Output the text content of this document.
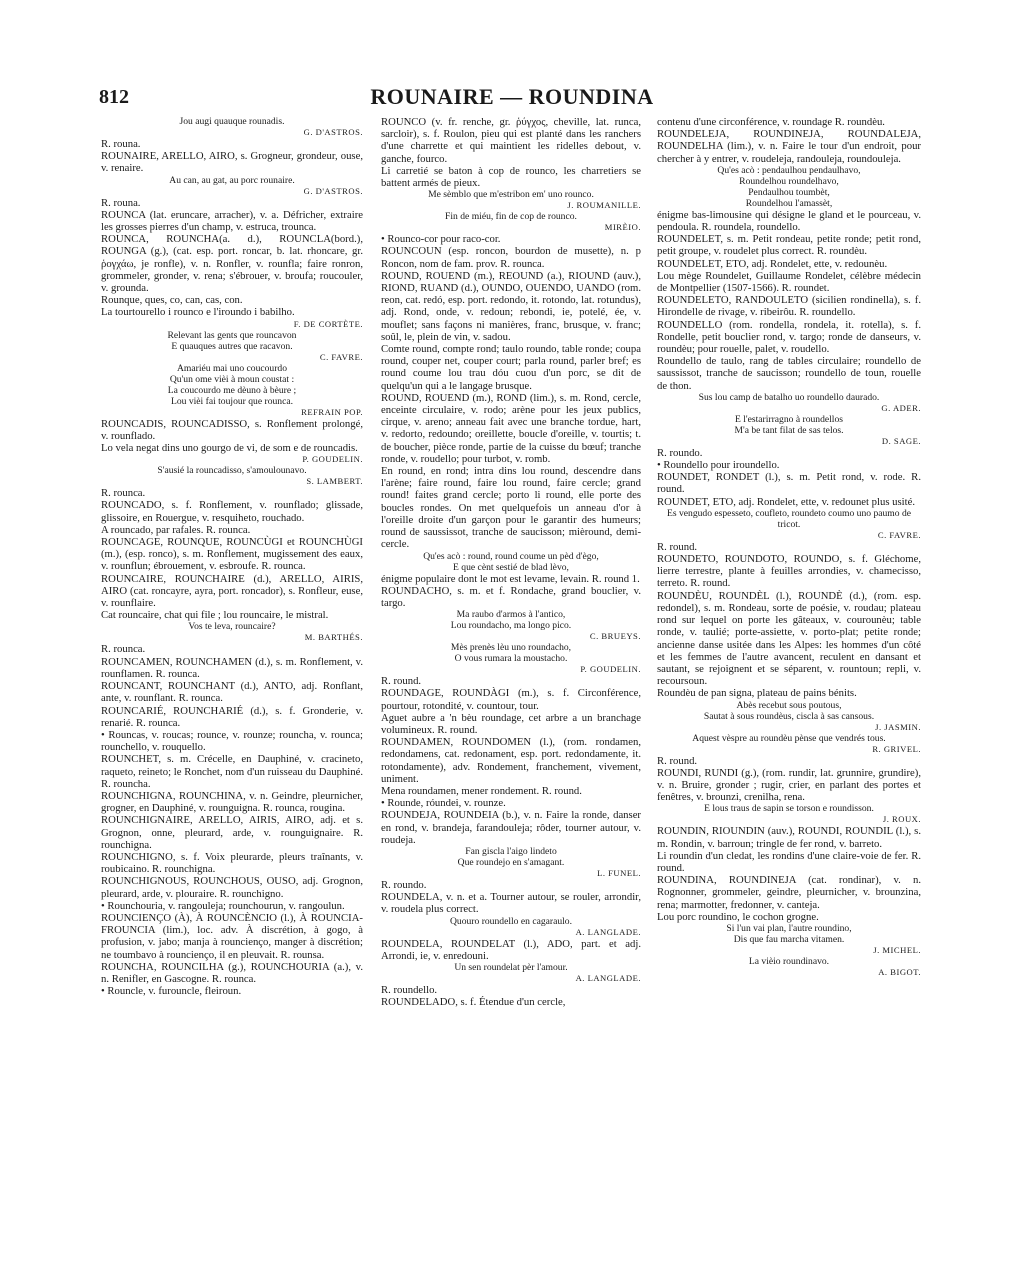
812	ROUNAIRE — ROUNDINA

Jou augi quauque rounadis.

G. D'ASTROS.

R. rouna.

ROUNAIRE, ARELLO, AIRO, s. Grogneur, grondeur, ouse, v. renaire.

Au can, au gat, au porc rounaire.

G. D'ASTROS.

R. rouna.

ROUNCA (lat. eruncare, arracher), v. a. Défricher, extraire les grosses pierres d'un champ, v. estruca, trounca.

ROUNCA, ROUNCHA(a. d.), ROUNCLA(bord.), ROUNGA (g.), (cat. esp. port. roncar, b. lat. rhoncare, gr. ῥογχάω, je ronfle), v. n. Ronfler, v. rounfla; faire ronron, grommeler, gronder, v. rena; s'ébrouer, v. broufa; roucouler, v. grounda.

Rounque, ques, co, can, cas, con.

La tourtourello i rounco e l'iroundo i babilho.

F. DE CORTÈTE.

Relevant las gents que rouncavon
E quauques autres que racavon.

C. FAVRE.

Amariéu mai uno coucourdo
Qu'un ome vièi à moun coustat :
La coucourdo me dèuno à bèure ;
Lou vièi fai toujour que rounca.

REFRAIN POP.

ROUNCADIS, ROUNCADISSO, s. Ronflement prolongé, v. rounflado.

Lo vela negat dins uno gourgo de vi, de som e de rouncadis.

P. GOUDELIN.

S'ausié la rouncadisso, s'amoulounavo.

S. LAMBERT.

R. rounca.

ROUNCADO, s. f. Ronflement, v. rounflado; glissade, glissoire, en Rouergue, v. resquiheto, rouchado.

A rouncado, par rafales. R. rounca.

ROUNCAGE, ROUNQUE, ROUNCÙGI et ROUNCHÙGI (m.), (esp. ronco), s. m. Ronflement, mugissement des eaux, v. rounflun; ébrouement, v. esbroufe. R. rounca.

ROUNCAIRE, ROUNCHAIRE (d.), ARELLO, AIRIS, AIRO (cat. roncayre, ayra, port. roncador), s. Ronfleur, euse, v. rounflaire.

Cat rouncaire, chat qui file ; lou rouncaire, le mistral.

Vos te leva, rouncaire?

M. BARTHÉS.

R. rounca.

ROUNCAMEN, ROUNCHAMEN (d.), s. m. Ronflement, v. rounflamen. R. rounca.

ROUNCANT, ROUNCHANT (d.), ANTO, adj. Ronflant, ante, v. rounflant. R. rounca.

ROUNCARIÉ, ROUNCHARIÉ (d.), s. f. Gronderie, v. renarié. R. rounca.

• Rouncas, v. roucas; rounce, v. rounze; rouncha, v. rounca; rounchello, v. rouquello.

ROUNCHET, s. m. Crécelle, en Dauphiné, v. cracineto, raqueto, reineto; le Ronchet, nom d'un ruisseau du Dauphiné. R. rouncha.

ROUNCHIGNA, ROUNCHINA, v. n. Geindre, pleurnicher, grogner, en Dauphiné, v. rounguigna. R. rounca, rougina.

ROUNCHIGNAIRE, ARELLO, AIRIS, AIRO, adj. et s. Grognon, onne, pleurard, arde, v. rounguignaire. R. rounchigna.

ROUNCHIGNO, s. f. Voix pleurarde, pleurs traînants, v. roubicaino. R. rounchigna.

ROUNCHIGNOUS, ROUNCHOUS, OUSO, adj. Grognon, pleurard, arde, v. plouraire. R. rounchigno.

• Rounchouria, v. rangouleja; rounchourun, v. rangoulun.

ROUNCIENÇO (À), À ROUNCÈNCIO (l.), À ROUNCIA-FROUNCIA (lim.), loc. adv. À discrétion, à gogo, à profusion, v. jabo; manja à rouncienço, manger à discrétion; ne toumbavo à rouncienço, il en pleuvait. R. rounsa.

ROUNCHA, ROUNCILHA (g.), ROUNCHOURIA (a.), v. n. Renifler, en Gascogne. R. rounca.

• Rouncle, v. furouncle, fleiroun.

ROUNCO (v. fr. renche, gr. ῥύγχος, cheville, lat. runca, sarcloir), s. f. Roulon, pieu qui est planté dans les ranchers d'une charrette et qui maintient les ridelles debout, v. ganche, fourco.

Li carretié se baton à cop de rounco, les charretiers se battent armés de pieux.

Me sèmblo que m'estribon em' uno rounco.

J. ROUMANILLE.

Fin de miéu, fin de cop de rounco.

MIRÈIO.

• Rounco-cor pour raco-cor.

ROUNCOUN (esp. roncon, bourdon de musette), n. p Roncon, nom de fam. prov. R. rounca.

ROUND, ROUEND (m.), REOUND (a.), RIOUND (auv.), RIOND, RUAND (d.), OUNDO, OUENDO, UANDO (rom. reon, cat. redó, esp. port. redondo, it. rotondo, lat. rotundus), adj. Rond, onde, v. redoun; rebondi, ie, potelé, ée, v. mouflet; sans façons ni manières, franc, brusque, v. franc; soûl, le, plein de vin, v. sadou.

Comte round, compte rond; taulo roundo, table ronde; coupa round, couper net, couper court; parla round, parler bref; es round coume lou trau dóu cuou d'un porc, se dit de quelqu'un qui a le langage brusque.

ROUND, ROUEND (m.), ROND (lim.), s. m. Rond, cercle, enceinte circulaire, v. rodo; arène pour les jeux publics, cirque, v. areno; anneau fait avec une branche tordue, hart, v. redorto, redoundo; oreillette, boucle d'oreille, v. tourtis; t. de boucher, pièce ronde, partie de la cuisse du bœuf; tranche ronde, v. roudello; pour turbot, v. romb.

En round, en rond; intra dins lou round, descendre dans l'arène; faire round, faire lou round, faire cercle; grand round! faites grand cercle; porto li round, elle porte des boucles rondes. On met quelquefois un anneau d'or à l'oreille droite d'un garçon pour le garantir des humeurs; round de saussissot, tranche de saucisson; mièround, demi-cercle.

Qu'es acò : round, round coume un pèd d'ègo,
E que cènt sestié de blad lèvo,

énigme populaire dont le mot est levame, levain. R. round 1.

ROUNDACHO, s. m. et f. Rondache, grand bouclier, v. targo.

Ma raubo d'armos à l'antico,
Lou roundacho, ma longo pico.

C. BRUEYS.

Mès prenès lèu uno roundacho,
O vous rumara la moustacho.

P. GOUDELIN.

R. round.

ROUNDAGE, ROUNDÀGI (m.), s. f. Circonférence, pourtour, rotondité, v. countour, tour.

Aguet aubre a 'n bèu roundage, cet arbre a un branchage volumineux. R. round.

ROUNDAMEN, ROUNDOMEN (l.), (rom. rondamen, redondamens, cat. redonament, esp. port. redondamente, it. rotondamente), adv. Rondement, franchement, vivement, uniment.

Mena roundamen, mener rondement. R. round.

• Rounde, róundei, v. rounze.

ROUNDEJA, ROUNDEIA (b.), v. n. Faire la ronde, danser en rond, v. brandeja, farandouleja; rôder, tourner autour, v. roudeja.

Fan giscla l'aigo lindeto
Que roundejo en s'amagant.

L. FUNEL.

R. roundo.

ROUNDELA, v. n. et a. Tourner autour, se rouler, arrondir, v. roudela plus correct.

Quouro roundello en cagaraulo.

A. LANGLADE.

ROUNDELA, ROUNDELAT (l.), ADO, part. et adj. Arrondi, ie, v. enredouni.

Un sen roundelat pèr l'amour.

A. LANGLADE.

R. roundello.

ROUNDELADO, s. f. Étendue d'un cercle,

contenu d'une circonférence, v. roundage R. roundèu.

ROUNDELEJA, ROUNDINEJA, ROUNDALEJA, ROUNDELHA (lim.), v. n. Faire le tour d'un endroit, pour chercher à y entrer, v. roudeleja, randouleja, roundouleja.

Qu'es acò : pendaulhou pendaulhavo,
Roundelhou roundelhavo,
Pendaulhou toumbèt,
Roundelhou l'amassèt,

énigme bas-limousine qui désigne le gland et le pourceau, v. pendoula. R. roundela, roundello.

ROUNDELET, s. m. Petit rondeau, petite ronde; petit rond, petit groupe, v. roudelet plus correct. R. roundèu.

ROUNDELET, ETO, adj. Rondelet, ette, v. redounèu.

Lou mège Roundelet, Guillaume Rondelet, célèbre médecin de Montpellier (1507-1566). R. roundet.

ROUNDELETO, RANDOULETO (sicilien rondinella), s. f. Hirondelle de rivage, v. ribeirôu. R. roundello.

ROUNDELLO (rom. rondella, rondela, it. rotella), s. f. Rondelle, petit bouclier rond, v. targo; ronde de danseurs, v. roundèu; pour rouelle, palet, v. roudello.

Roundello de taulo, rang de tables circulaire; roundello de saussissot, tranche de saucisson; roundello de toun, rouelle de thon.

Sus lou camp de batalho uo roundello daurado.

G. ADER.

E l'estarirragno à roundellos
M'a be tant filat de sas telos.

D. SAGE.

R. roundo.

• Roundello pour iroundello.

ROUNDET, RONDET (l.), s. m. Petit rond, v. rode. R. round.

ROUNDET, ETO, adj. Rondelet, ette, v. redounet plus usité.

Es vengudo espesseto, coufleto, roundeto coumo uno paumo de tricot.

C. FAVRE.

R. round.

ROUNDETO, ROUNDOTO, ROUNDO, s. f. Gléchome, lierre terrestre, plante à feuilles arrondies, v. chamecisso, terreto. R. round.

ROUNDÈU, ROUNDÈL (l.), ROUNDÈ (d.), (rom. esp. redondel), s. m. Rondeau, sorte de poésie, v. roudau; plateau rond sur lequel on porte les gâteaux, v. courounèu; table ronde, v. taulié; porte-assiette, v. porto-plat; petite ronde; ancienne danse usitée dans les Alpes: les hommes d'un côté et les femmes de l'autre avancent, reculent en dansant et sautant, se rejoignent et se séparent, v. rountoun; repli, v. recoursoun.

Roundèu de pan signa, plateau de pains bénits.

Abès recebut sous poutous,
Sautat à sous roundèus, ciscla à sas cansous.

J. JASMIN.

Aquest vèspre au roundèu pènse que vendrés tous.

R. GRIVEL.

R. round.

ROUNDI, RUNDI (g.), (rom. rundir, lat. grunnire, grundire), v. n. Bruire, gronder ; rugir, crier, en parlant des portes et fenêtres, v. brounzi, crenilha, rena.

E lous traus de sapin se torson e roundisson.

J. ROUX.

ROUNDIN, RIOUNDIN (auv.), ROUNDI, ROUNDIL (l.), s. m. Rondin, v. barroun; tringle de fer rond, v. barreto.

Li roundin d'un cledat, les rondins d'une claire-voie de fer. R. round.

ROUNDINA, ROUNDINEJA (cat. rondinar), v. n. Rognonner, grommeler, geindre, pleurnicher, v. brounzina, rena; marmotter, fredonner, v. canteja.

Lou porc roundino, le cochon grogne.

Si l'un vai plan, l'autre roundino,
Dis que fau marcha vitamen.

J. MICHEL.

La vièio roundinavo.

A. BIGOT.
